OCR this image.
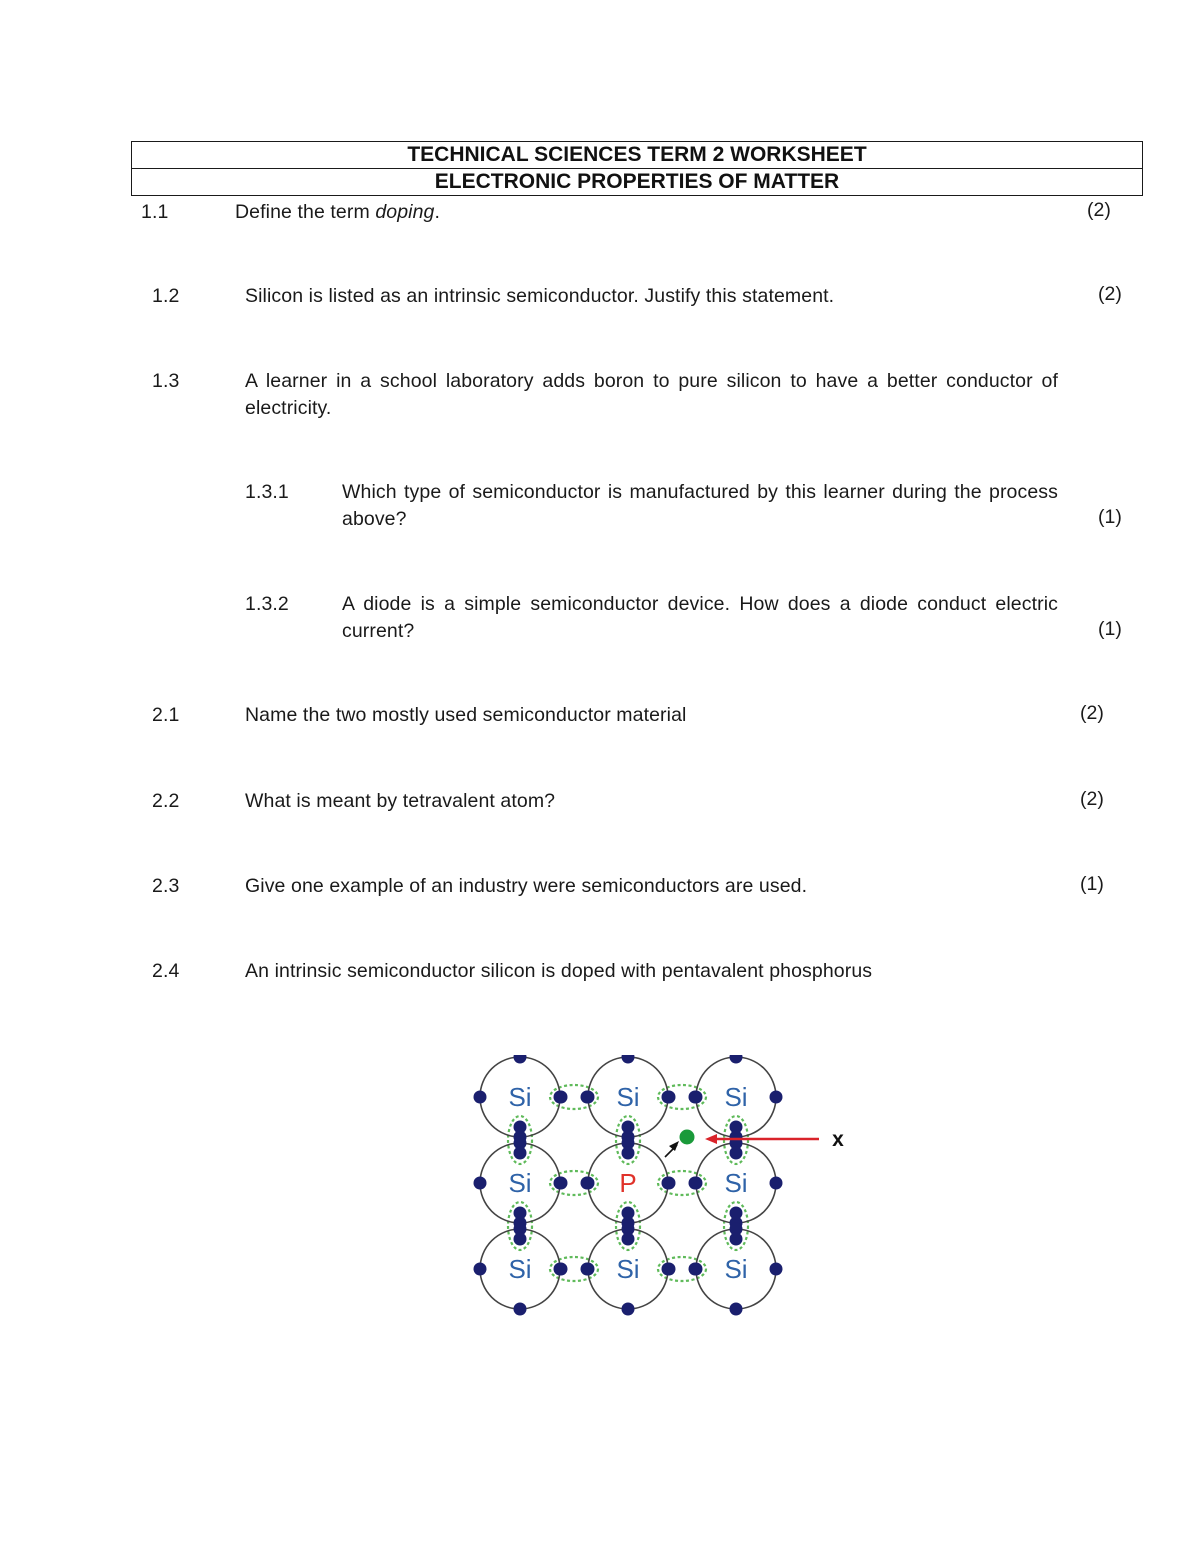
TECHNICAL SCIENCES TERM 2 WORKSHEET
ELECTRONIC PROPERTIES OF MATTER
1.1	Define the term doping.	(2)
1.2	Silicon is listed as an intrinsic semiconductor. Justify this statement.	(2)
1.3	A learner in a school laboratory adds boron to pure silicon to have a better conductor of electricity.
1.3.1	Which type of semiconductor is manufactured by this learner during the process above?	(1)
1.3.2	A diode is a simple semiconductor device. How does a diode conduct electric current?	(1)
2.1	Name the two mostly used semiconductor material	(2)
2.2	What is meant by tetravalent atom?	(2)
2.3	Give one example of an industry were semiconductors are used.	(1)
2.4	An intrinsic semiconductor silicon is doped with pentavalent phosphorus
Si	Si	Si
Si	P	Si
Si	Si	Si
x
